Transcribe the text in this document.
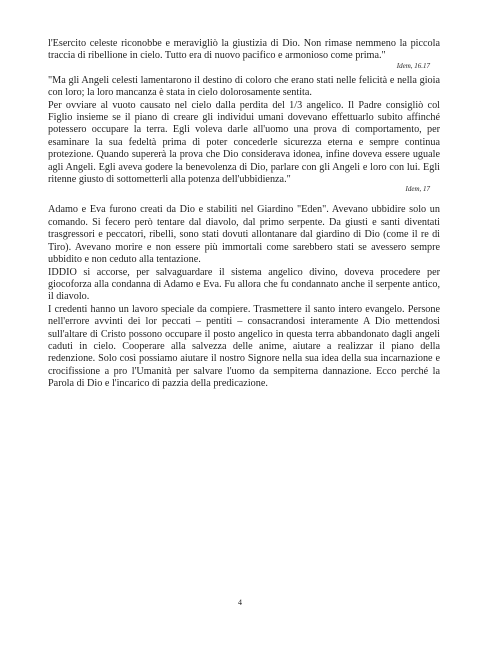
l'Esercito celeste riconobbe e meravigliò la giustizia di Dio. Non rimase nemmeno la piccola traccia di ribellione in cielo. Tutto era di nuovo pacifico e armonioso come prima."

Idem, 16.17

"Ma gli Angeli celesti lamentarono il destino di coloro che erano stati nelle felicità e nella gioia con loro; la loro mancanza è stata in cielo dolorosamente sentita.

Per ovviare al vuoto causato nel cielo dalla perdita del 1/3 angelico. Il Padre consigliò col Figlio insieme se il piano di creare gli individui umani dovevano effettuarlo subito affinché potessero occupare la terra. Egli voleva darle all'uomo una prova di comportamento, per esaminare la sua fedeltà prima di poter concederle sicurezza eterna e sempre continua protezione. Quando supererà la prova che Dio considerava idonea, infine doveva essere uguale agli Angeli. Egli aveva godere la benevolenza di Dio, parlare con gli Angeli e loro con lui. Egli ritenne giusto di sottometterli alla potenza dell'ubbidienza."

Idem, 17

Adamo e Eva furono creati da Dio e stabiliti nel Giardino "Eden". Avevano ubbidire solo un comando. Si fecero però tentare dal diavolo, dal primo serpente. Da giusti e santi diventati trasgressori e peccatori, ribelli, sono stati dovuti allontanare dal giardino di Dio (come il re di Tiro). Avevano morire e non essere più immortali come sarebbero stati se avessero sempre ubbidito e non ceduto alla tentazione.

IDDIO si accorse, per salvaguardare il sistema angelico divino, doveva procedere per giocoforza alla condanna di Adamo e Eva. Fu allora che fu condannato anche il serpente antico, il diavolo.

I credenti hanno un lavoro speciale da compiere. Trasmettere il santo intero evangelo. Persone nell'errore avvinti dei lor peccati – pentiti – consacrandosi interamente A Dio mettendosi sull'altare di Cristo possono occupare il posto angelico in questa terra abbandonato dagli angeli caduti in cielo. Cooperare alla salvezza delle anime, aiutare a realizzar il piano della redenzione. Solo così possiamo aiutare il nostro Signore nella sua idea della sua incarnazione e crocifissione a pro l'Umanità per salvare l'uomo da sempiterna dannazione. Ecco perché la Parola di Dio e l'incarico di pazzia della predicazione.

4
